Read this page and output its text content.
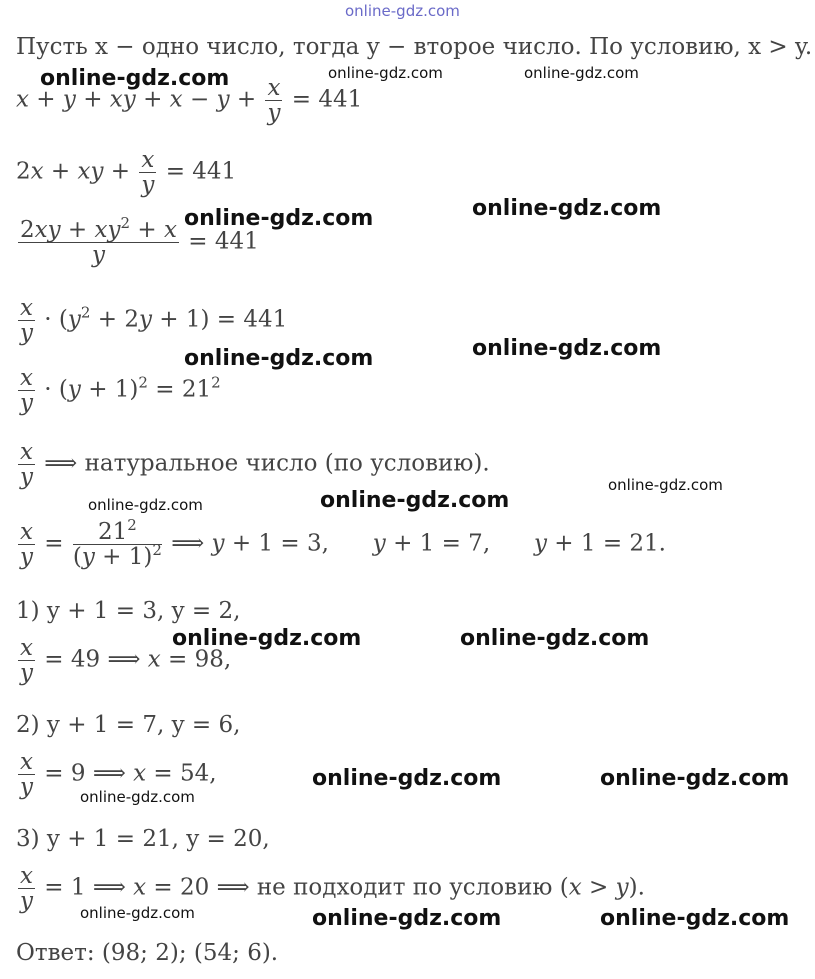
online-gdz.com
Пусть x − одно число, тогда y − второе число. По условию, x > y.
x + y + xy + $x - y + \frac{x}{y} = 441$
2x + xy + $\frac{x}{y} = 441$
$\frac{2xy + xy^2 + x}{y} = 441$
$\frac{x}{y} \cdot (y^2 + 2y + 1) = 441$
$\frac{x}{y} \cdot (y + 1)^2 = 21^2$
$\frac{x}{y}$ ⟹ натуральное число (по условию).
$\frac{x}{y} = \frac{21^2}{(y + 1)^2}$ ⟹ y + 1 = 3,      y + 1 = 7,      y + 1 = 21.
1) y + 1 = 3, y = 2,
$\frac{x}{y} = 49$ ⟹ x = 98,
2) y + 1 = 7, y = 6,
$\frac{x}{y} = 9$ ⟹ x = 54,
3) y + 1 = 21, y = 20,
$\frac{x}{y} = 1$ ⟹ x = 20 ⟹ не подходит по условию (x > y).
Ответ: (98; 2); (54; 6).
online-gdz.com	online-gdz.com	online-gdz.com
online-gdz.com	online-gdz.com
online-gdz.com	online-gdz.com
online-gdz.com	online-gdz.com
online-gdz.com
online-gdz.com	online-gdz.com
online-gdz.com	online-gdz.com
online-gdz.com
online-gdz.com	online-gdz.com	online-gdz.com
